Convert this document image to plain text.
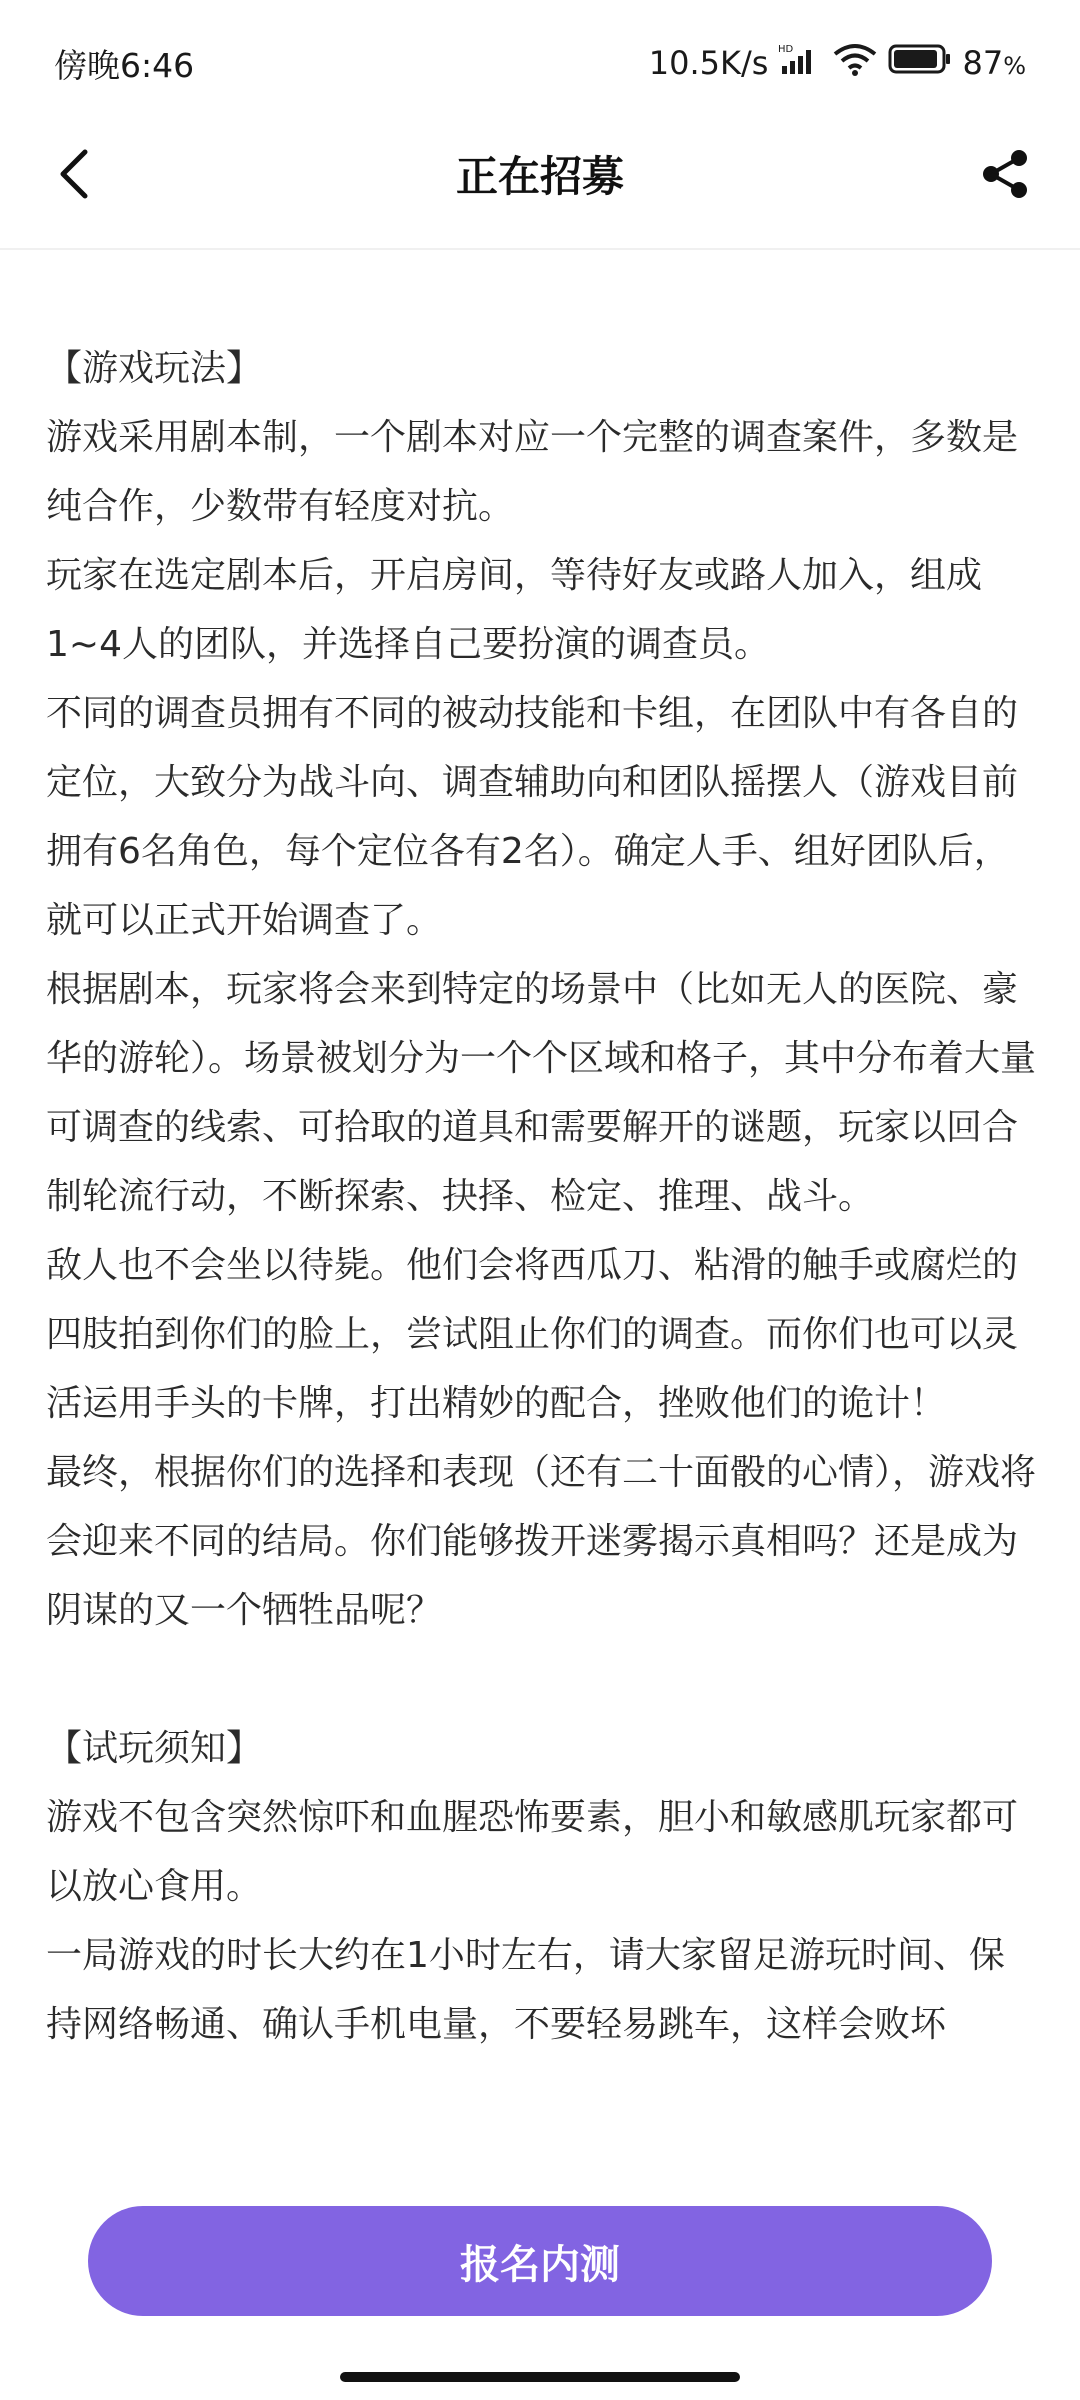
傍晚6:46	10.5K/s HD	87%
正在招募

【游戏玩法】

游戏采用剧本制，一个剧本对应一个完整的调查案件，多数是纯合作，少数带有轻度对抗。

玩家在选定剧本后，开启房间，等待好友或路人加入，组成1~4人的团队，并选择自己要扮演的调查员。

不同的调查员拥有不同的被动技能和卡组，在团队中有各自的定位，大致分为战斗向、调查辅助向和团队摇摆人（游戏目前拥有6名角色，每个定位各有2名）。确定人手、组好团队后，就可以正式开始调查了。

根据剧本，玩家将会来到特定的场景中（比如无人的医院、豪华的游轮）。场景被划分为一个个区域和格子，其中分布着大量可调查的线索、可拾取的道具和需要解开的谜题，玩家以回合制轮流行动，不断探索、抉择、检定、推理、战斗。

敌人也不会坐以待毙。他们会将西瓜刀、粘滑的触手或腐烂的四肢拍到你们的脸上，尝试阻止你们的调查。而你们也可以灵活运用手头的卡牌，打出精妙的配合，挫败他们的诡计！

最终，根据你们的选择和表现（还有二十面骰的心情），游戏将会迎来不同的结局。你们能够拨开迷雾揭示真相吗？还是成为阴谋的又一个牺牲品呢？

【试玩须知】

游戏不包含突然惊吓和血腥恐怖要素，胆小和敏感肌玩家都可以放心食用。

一局游戏的时长大约在1小时左右，请大家留足游玩时间、保持网络畅通、确认手机电量，不要轻易跳车，这样会败坏

报名内测
